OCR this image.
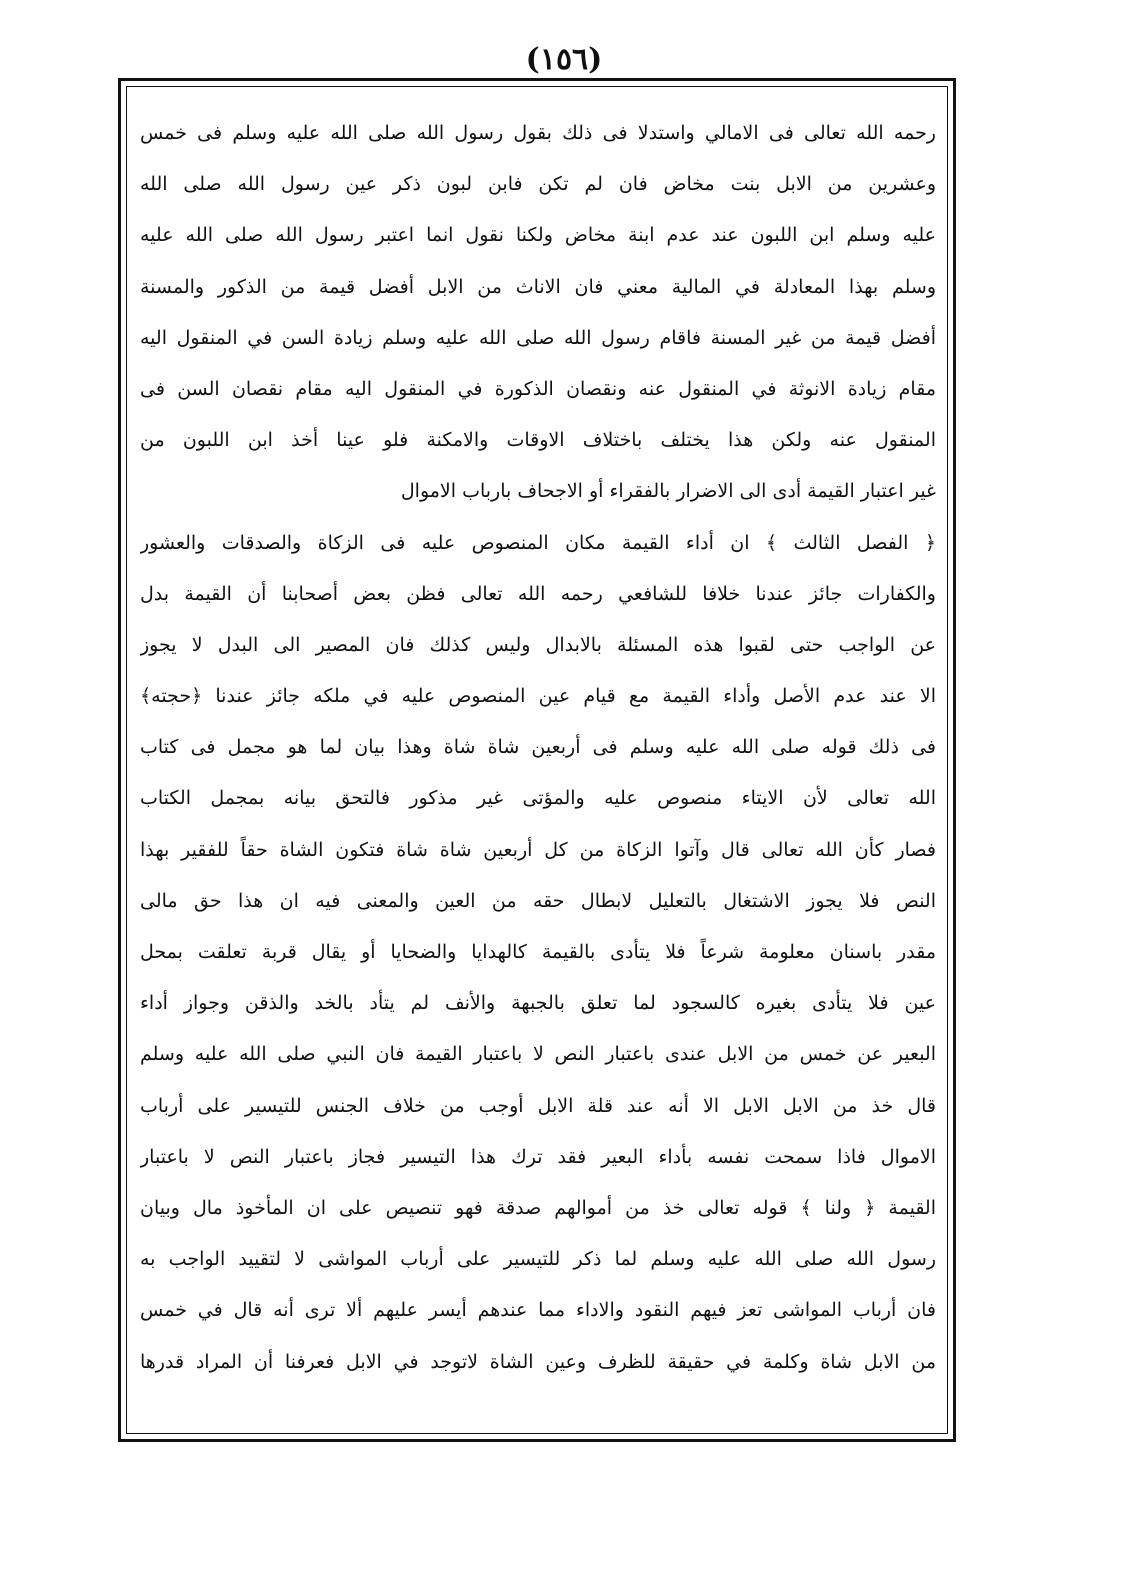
(١٥٦)
رحمه الله تعالى فى الامالي واستدلا فى ذلك بقول رسول الله صلى الله عليه وسلم فى خمس
وعشرين من الابل بنت مخاض فان لم تكن فابن لبون ذكر عين رسول الله صلى الله
عليه وسلم ابن اللبون عند عدم ابنة مخاض ولكنا نقول انما اعتبر رسول الله صلى الله عليه
وسلم بهذا المعادلة في المالية معني فان الاناث من الابل أفضل قيمة من الذكور والمسنة
أفضل قيمة من غير المسنة فاقام رسول الله صلى الله عليه وسلم زيادة السن في المنقول اليه
مقام زيادة الانوثة في المنقول عنه ونقصان الذكورة في المنقول اليه مقام نقصان السن فى
المنقول عنه ولكن هذا يختلف باختلاف الاوقات والامكنة فلو عينا أخذ ابن اللبون من
غير اعتبار القيمة أدى الى الاضرار بالفقراء أو الاجحاف بارباب الاموال
﴿ الفصل الثالث ﴾ ان أداء القيمة مكان المنصوص عليه فى الزكاة والصدقات والعشور
والكفارات جائز عندنا خلافا للشافعي رحمه الله تعالى فظن بعض أصحابنا أن القيمة بدل
عن الواجب حتى لقبوا هذه المسئلة بالابدال وليس كذلك فان المصير الى البدل لا يجوز
الا عند عدم الأصل وأداء القيمة مع قيام عين المنصوص عليه في ملكه جائز عندنا ﴿حجته﴾
فى ذلك قوله صلى الله عليه وسلم فى أربعين شاة شاة وهذا بيان لما هو مجمل فى كتاب
الله تعالى لأن الايتاء منصوص عليه والمؤتى غير مذكور فالتحق بيانه بمجمل الكتاب
فصار كأن الله تعالى قال وآتوا الزكاة من كل أربعين شاة شاة فتكون الشاة حقاً للفقير بهذا
النص فلا يجوز الاشتغال بالتعليل لابطال حقه من العين والمعنى فيه ان هذا حق مالى
مقدر باسنان معلومة شرعاً فلا يتأدى بالقيمة كالهدايا والضحايا أو يقال قربة تعلقت بمحل
عين فلا يتأدى بغيره كالسجود لما تعلق بالجبهة والأنف لم يتأد بالخد والذقن وجواز أداء
البعير عن خمس من الابل عندى باعتبار النص لا باعتبار القيمة فان النبي صلى الله عليه وسلم
قال خذ من الابل الابل الا أنه عند قلة الابل أوجب من خلاف الجنس للتيسير على أرباب
الاموال فاذا سمحت نفسه بأداء البعير فقد ترك هذا التيسير فجاز باعتبار النص لا باعتبار
القيمة ﴿ ولنا ﴾ قوله تعالى خذ من أموالهم صدقة فهو تنصيص على ان المأخوذ مال وبيان
رسول الله صلى الله عليه وسلم لما ذكر للتيسير على أرباب المواشى لا لتقييد الواجب به
فان أرباب المواشى تعز فيهم النقود والاداء مما عندهم أيسر عليهم ألا ترى أنه قال في خمس
من الابل شاة وكلمة في حقيقة للظرف وعين الشاة لاتوجد في الابل فعرفنا أن المراد قدرها
